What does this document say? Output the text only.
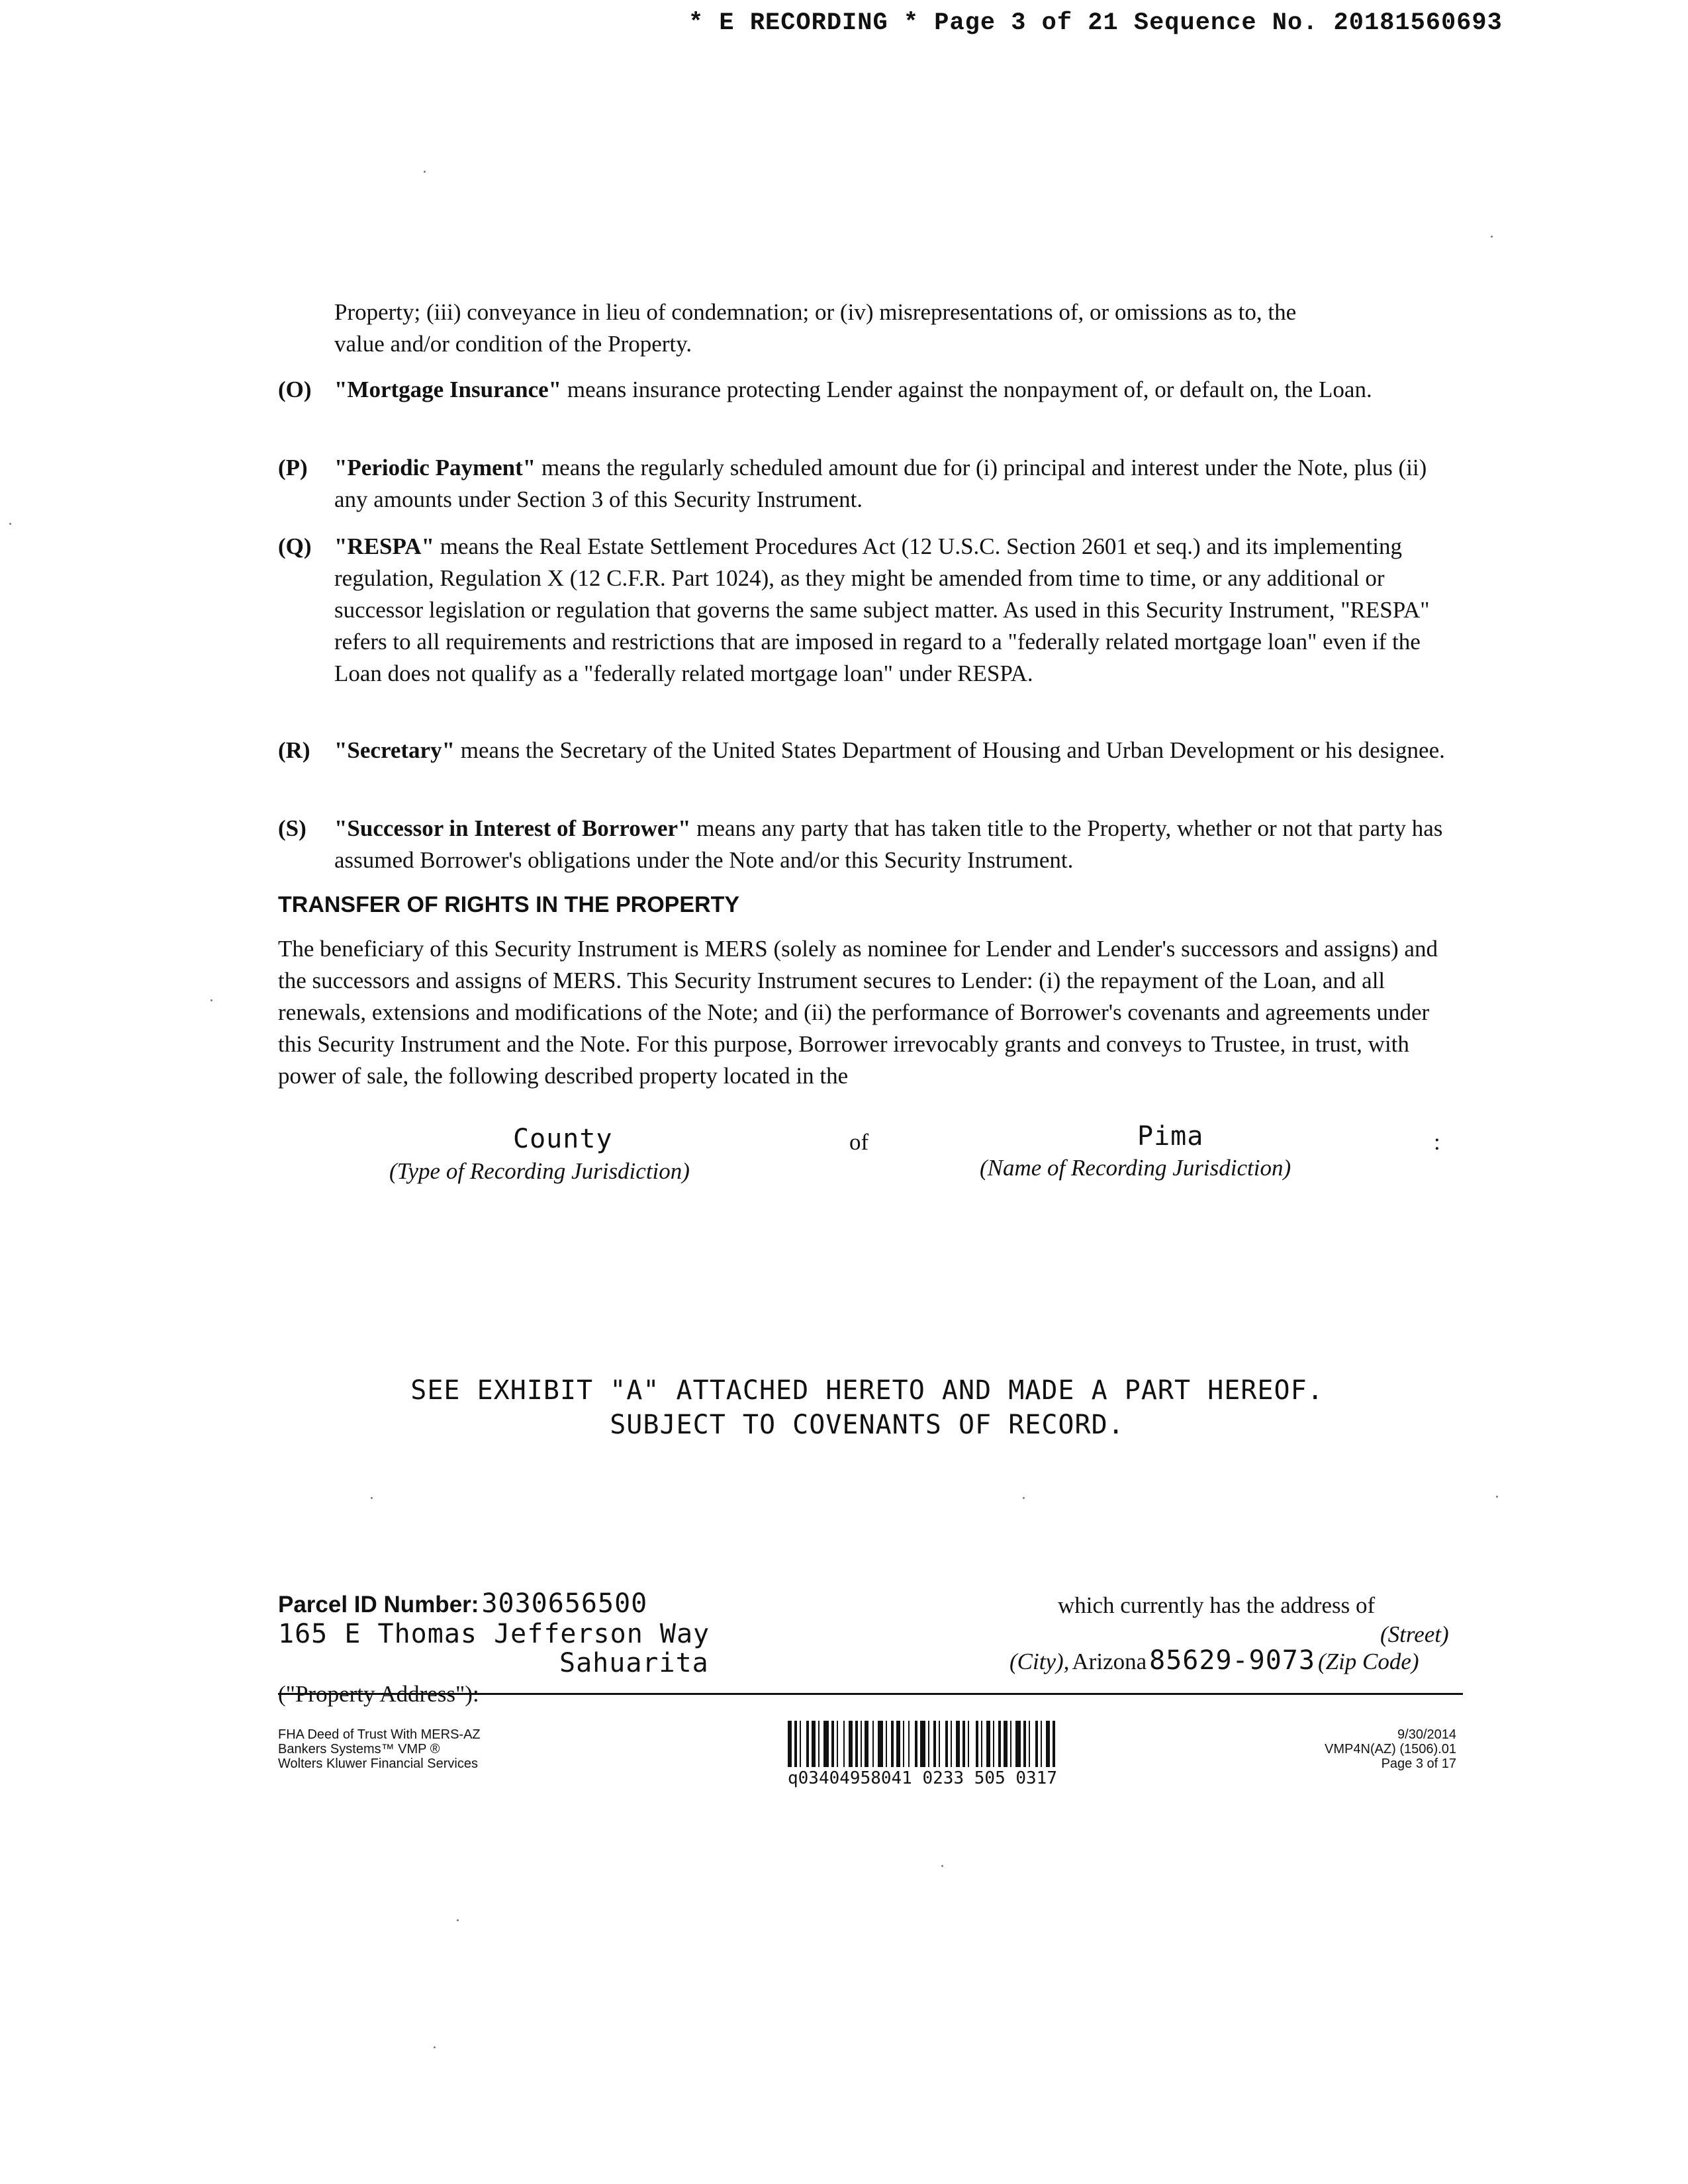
* E RECORDING * Page 3 of 21 Sequence No. 20181560693
Property; (iii) conveyance in lieu of condemnation; or (iv) misrepresentations of, or omissions as to, the
value and/or condition of the Property.
(O) "Mortgage Insurance" means insurance protecting Lender against the nonpayment of, or default on, the Loan.
(P) "Periodic Payment" means the regularly scheduled amount due for (i) principal and interest under the Note, plus (ii) any amounts under Section 3 of this Security Instrument.
(Q) "RESPA" means the Real Estate Settlement Procedures Act (12 U.S.C. Section 2601 et seq.) and its implementing regulation, Regulation X (12 C.F.R. Part 1024), as they might be amended from time to time, or any additional or successor legislation or regulation that governs the same subject matter. As used in this Security Instrument, "RESPA" refers to all requirements and restrictions that are imposed in regard to a "federally related mortgage loan" even if the Loan does not qualify as a "federally related mortgage loan" under RESPA.
(R) "Secretary" means the Secretary of the United States Department of Housing and Urban Development or his designee.
(S) "Successor in Interest of Borrower" means any party that has taken title to the Property, whether or not that party has assumed Borrower's obligations under the Note and/or this Security Instrument.
TRANSFER OF RIGHTS IN THE PROPERTY
The beneficiary of this Security Instrument is MERS (solely as nominee for Lender and Lender's successors and assigns) and the successors and assigns of MERS. This Security Instrument secures to Lender: (i) the repayment of the Loan, and all renewals, extensions and modifications of the Note; and (ii) the performance of Borrower's covenants and agreements under this Security Instrument and the Note. For this purpose, Borrower irrevocably grants and conveys to Trustee, in trust, with power of sale, the following described property located in the
County	of	Pima	:
(Type of Recording Jurisdiction)	(Name of Recording Jurisdiction)
SEE EXHIBIT "A" ATTACHED HERETO AND MADE A PART HEREOF.
SUBJECT TO COVENANTS OF RECORD.
Parcel ID Number: 3030656500	which currently has the address of
165 E Thomas Jefferson Way	(Street)
Sahuarita	(City), Arizona 85629-9073 (Zip Code)
("Property Address"):
FHA Deed of Trust With MERS-AZ
Bankers Systems™ VMP ®
Wolters Kluwer Financial Services
q03404958041 0233 505 0317
9/30/2014
VMP4N(AZ) (1506).01
Page 3 of 17
